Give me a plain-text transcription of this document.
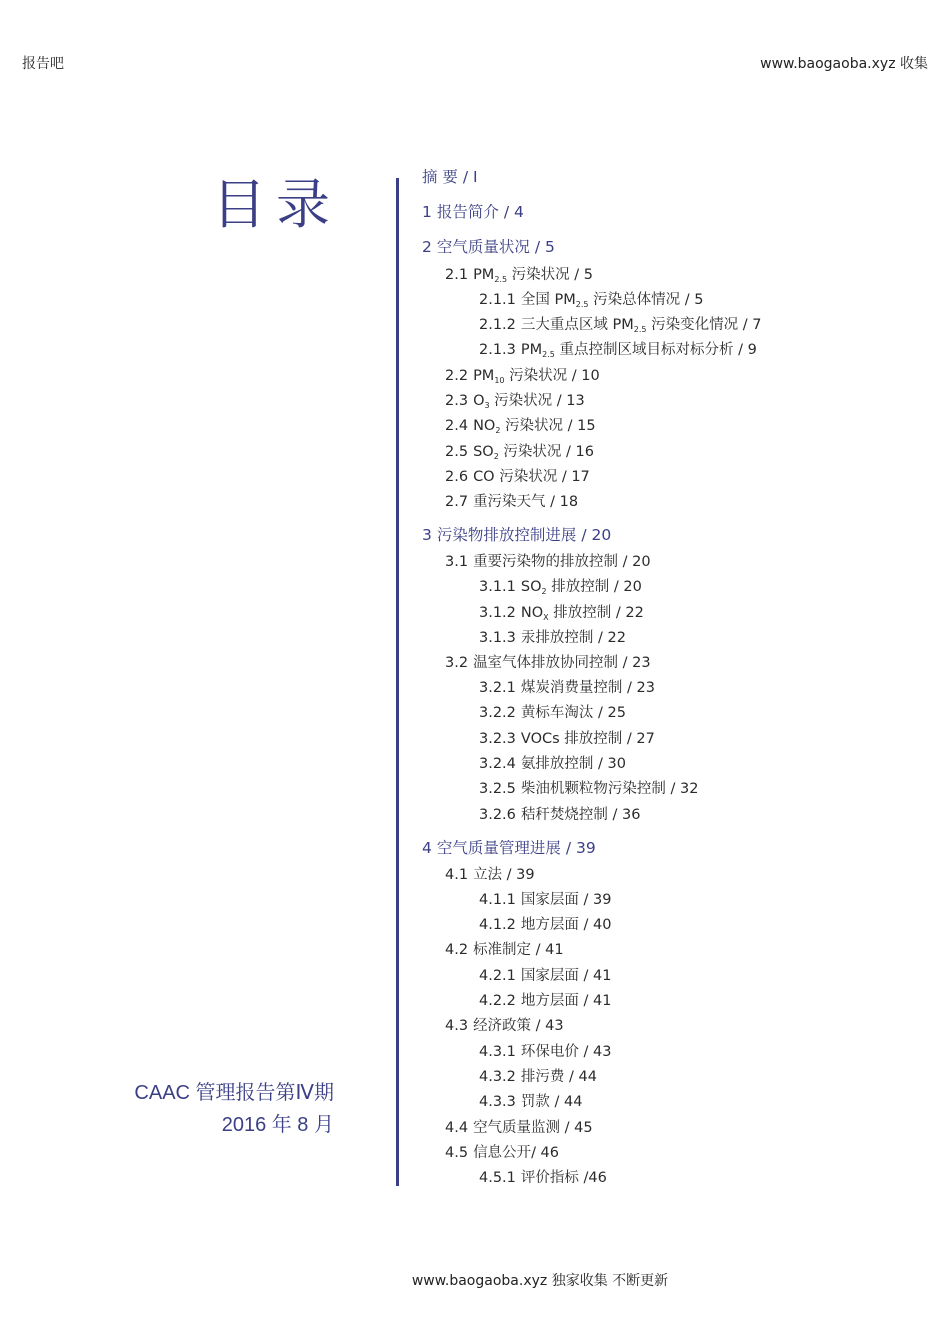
报告吧	www.baogaoba.xyz 收集
目录
CAAC 管理报告第Ⅳ期
2016 年 8 月
摘 要 / I
1 报告简介 / 4
2 空气质量状况 / 5
2.1 $PM_{2.5}$ 污染状况 / 5
2.1.1 全国 $PM_{2.5}$ 污染总体情况 / 5
2.1.2 三大重点区域 $PM_{2.5}$ 污染变化情况 / 7
2.1.3 $PM_{2.5}$ 重点控制区域目标对标分析 / 9
2.2 $PM_{10}$ 污染状况 / 10
2.3 $O_3$ 污染状况 / 13
2.4 $NO_2$ 污染状况 / 15
2.5 $SO_2$ 污染状况 / 16
2.6 CO 污染状况 / 17
2.7 重污染天气 / 18
3 污染物排放控制进展 / 20
3.1 重要污染物的排放控制 / 20
3.1.1 $SO_2$ 排放控制 / 20
3.1.2 $NO_X$ 排放控制 / 22
3.1.3 汞排放控制 / 22
3.2 温室气体排放协同控制 / 23
3.2.1 煤炭消费量控制 / 23
3.2.2 黄标车淘汰 / 25
3.2.3 VOCs 排放控制 / 27
3.2.4 氨排放控制 / 30
3.2.5 柴油机颗粒物污染控制 / 32
3.2.6 秸秆焚烧控制 / 36
4 空气质量管理进展 / 39
4.1 立法 / 39
4.1.1 国家层面 / 39
4.1.2 地方层面 / 40
4.2 标准制定 / 41
4.2.1 国家层面 / 41
4.2.2 地方层面 / 41
4.3 经济政策 / 43
4.3.1 环保电价 / 43
4.3.2 排污费 / 44
4.3.3 罚款 / 44
4.4 空气质量监测 / 45
4.5 信息公开/ 46
4.5.1 评价指标 /46
www.baogaoba.xyz 独家收集 不断更新
